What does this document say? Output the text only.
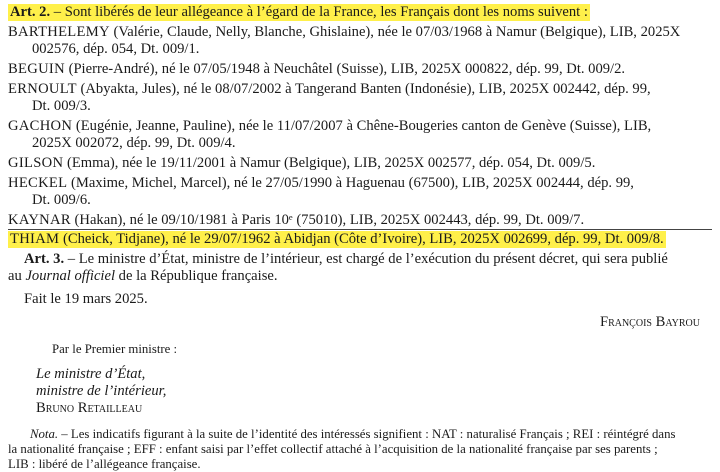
Art. 2. – Sont libérés de leur allégeance à l’égard de la France, les Français dont les noms suivent :
BARTHELEMY (Valérie, Claude, Nelly, Blanche, Ghislaine), née le 07/03/1968 à Namur (Belgique), LIB, 2025X
002576, dép. 054, Dt. 009/1.
BEGUIN (Pierre-André), né le 07/05/1948 à Neuchâtel (Suisse), LIB, 2025X 000822, dép. 99, Dt. 009/2.
ERNOULT (Abyakta, Jules), né le 08/07/2002 à Tangerand Banten (Indonésie), LIB, 2025X 002442, dép. 99,
Dt. 009/3.
GACHON (Eugénie, Jeanne, Pauline), née le 11/07/2007 à Chêne-Bougeries canton de Genève (Suisse), LIB,
2025X 002072, dép. 99, Dt. 009/4.
GILSON (Emma), née le 19/11/2001 à Namur (Belgique), LIB, 2025X 002577, dép. 054, Dt. 009/5.
HECKEL (Maxime, Michel, Marcel), né le 27/05/1990 à Haguenau (67500), LIB, 2025X 002444, dép. 99,
Dt. 009/6.
KAYNAR (Hakan), né le 09/10/1981 à Paris 10ᵉ (75010), LIB, 2025X 002443, dép. 99, Dt. 009/7.
THIAM (Cheick, Tidjane), né le 29/07/1962 à Abidjan (Côte d’Ivoire), LIB, 2025X 002699, dép. 99, Dt. 009/8.
Art. 3. – Le ministre d’État, ministre de l’intérieur, est chargé de l’exécution du présent décret, qui sera publié
au Journal officiel de la République française.
Fait le 19 mars 2025.
François Bayrou
Par le Premier ministre :
Le ministre d’État,
ministre de l’intérieur,
Bruno Retailleau
Nota. – Les indicatifs figurant à la suite de l’identité des intéressés signifient : NAT : naturalisé Français ; REI : réintégré dans
la nationalité française ; EFF : enfant saisi par l’effet collectif attaché à l’acquisition de la nationalité française par ses parents ;
LIB : libéré de l’allégeance française.
